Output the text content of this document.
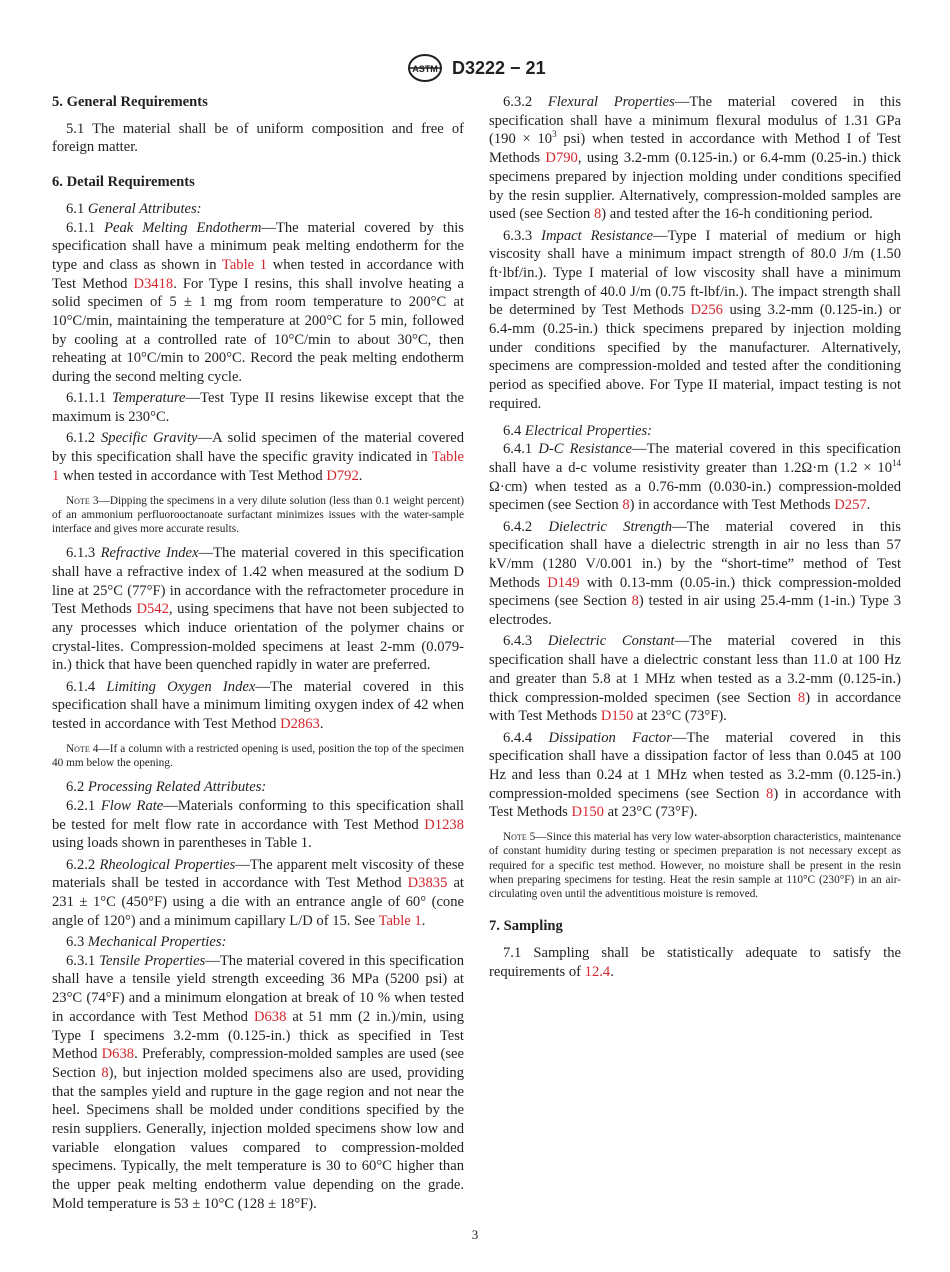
ASTM D3222 − 21
5. General Requirements

5.1 The material shall be of uniform composition and free of foreign matter.

6. Detail Requirements

6.1 General Attributes:

6.1.1 Peak Melting Endotherm—The material covered by this specification shall have a minimum peak melting endotherm for the type and class as shown in Table 1 when tested in accordance with Test Method D3418. For Type I resins, this shall involve heating a solid specimen of 5 ± 1 mg from room temperature to 200°C at 10°C/min, maintaining the temperature at 200°C for 5 min, followed by cooling at a controlled rate of 10°C/min to about 30°C, then reheating at 10°C/min to 200°C. Record the peak melting endotherm during the second melting cycle.

6.1.1.1 Temperature—Test Type II resins likewise except that the maximum is 230°C.

6.1.2 Specific Gravity—A solid specimen of the material covered by this specification shall have the specific gravity indicated in Table 1 when tested in accordance with Test Method D792.

Note 3—Dipping the specimens in a very dilute solution (less than 0.1 weight percent) of an ammonium perfluorooctanoate surfactant minimizes issues with the water-sample interface and gives more accurate results.

6.1.3 Refractive Index—The material covered in this specification shall have a refractive index of 1.42 when measured at the sodium D line at 25°C (77°F) in accordance with the refractometer procedure in Test Methods D542, using specimens that have not been subjected to any processes which induce orientation of the polymer chains or crystal-lites. Compression-molded specimens at least 2-mm (0.079-in.) thick that have been quenched rapidly in water are preferred.

6.1.4 Limiting Oxygen Index—The material covered in this specification shall have a minimum limiting oxygen index of 42 when tested in accordance with Test Method D2863.

Note 4—If a column with a restricted opening is used, position the top of the specimen 40 mm below the opening.

6.2 Processing Related Attributes:

6.2.1 Flow Rate—Materials conforming to this specification shall be tested for melt flow rate in accordance with Test Method D1238 using loads shown in parentheses in Table 1.

6.2.2 Rheological Properties—The apparent melt viscosity of these materials shall be tested in accordance with Test Method D3835 at 231 ± 1°C (450°F) using a die with an entrance angle of 60° (cone angle of 120°) and a minimum capillary L/D of 15. See Table 1.

6.3 Mechanical Properties:

6.3.1 Tensile Properties—The material covered in this specification shall have a tensile yield strength exceeding 36 MPa (5200 psi) at 23°C (74°F) and a minimum elongation at break of 10 % when tested in accordance with Test Method D638 at 51 mm (2 in.)/min, using Type I specimens 3.2-mm (0.125-in.) thick as specified in Test Method D638. Preferably, compression-molded samples are used (see Section 8), but injection molded specimens also are used, providing that the samples yield and rupture in the gage region and not near the heel. Specimens shall be molded under conditions specified by the resin suppliers. Generally, injection molded specimens show low and variable elongation values compared to compression-molded specimens. Typically, the melt temperature is 30 to 60°C higher than the upper peak melting endotherm value depending on the grade. Mold temperature is 53 ± 10°C (128 ± 18°F).

6.3.2 Flexural Properties—The material covered in this specification shall have a minimum flexural modulus of 1.31 GPa ($190 \times 10^3$ psi) when tested in accordance with Method I of Test Methods D790, using 3.2-mm (0.125-in.) or 6.4-mm (0.25-in.) thick specimens prepared by injection molding under conditions specified by the resin supplier. Alternatively, compression-molded samples are used (see Section 8) and tested after the 16-h conditioning period.

6.3.3 Impact Resistance—Type I material of medium or high viscosity shall have a minimum impact strength of 80.0 J/m (1.50 ft·lbf/in.). Type I material of low viscosity shall have a minimum impact strength of 40.0 J/m (0.75 ft-lbf/in.). The impact strength shall be determined by Test Methods D256 using 3.2-mm (0.125-in.) or 6.4-mm (0.25-in.) thick specimens prepared by injection molding under conditions specified by the manufacturer. Alternatively, specimens are compression-molded and tested after the conditioning period as specified above. For Type II material, impact testing is not required.

6.4 Electrical Properties:

6.4.1 D-C Resistance—The material covered in this specification shall have a d-c volume resistivity greater than 1.2Ω·m ($1.2 \times 10^{14}$ Ω·cm) when tested as a 0.76-mm (0.030-in.) compression-molded specimen (see Section 8) in accordance with Test Methods D257.

6.4.2 Dielectric Strength—The material covered in this specification shall have a dielectric strength in air no less than 57 kV/mm (1280 V/0.001 in.) by the “short-time” method of Test Methods D149 with 0.13-mm (0.05-in.) thick compression-molded specimens (see Section 8) tested in air using 25.4-mm (1-in.) Type 3 electrodes.

6.4.3 Dielectric Constant—The material covered in this specification shall have a dielectric constant less than 11.0 at 100 Hz and greater than 5.8 at 1 MHz when tested as a 3.2-mm (0.125-in.) thick compression-molded specimen (see Section 8) in accordance with Test Methods D150 at 23°C (73°F).

6.4.4 Dissipation Factor—The material covered in this specification shall have a dissipation factor of less than 0.045 at 100 Hz and less than 0.24 at 1 MHz when tested as 3.2-mm (0.125-in.) compression-molded specimens (see Section 8) in accordance with Test Methods D150 at 23°C (73°F).

Note 5—Since this material has very low water-absorption characteristics, maintenance of constant humidity during testing or specimen preparation is not necessary except as required for a specific test method. However, no moisture shall be present in the resin when preparing specimens for testing. Heat the resin sample at 110°C (230°F) in an air-circulating oven until the adventitious moisture is removed.

7. Sampling

7.1 Sampling shall be statistically adequate to satisfy the requirements of 12.4.

3
